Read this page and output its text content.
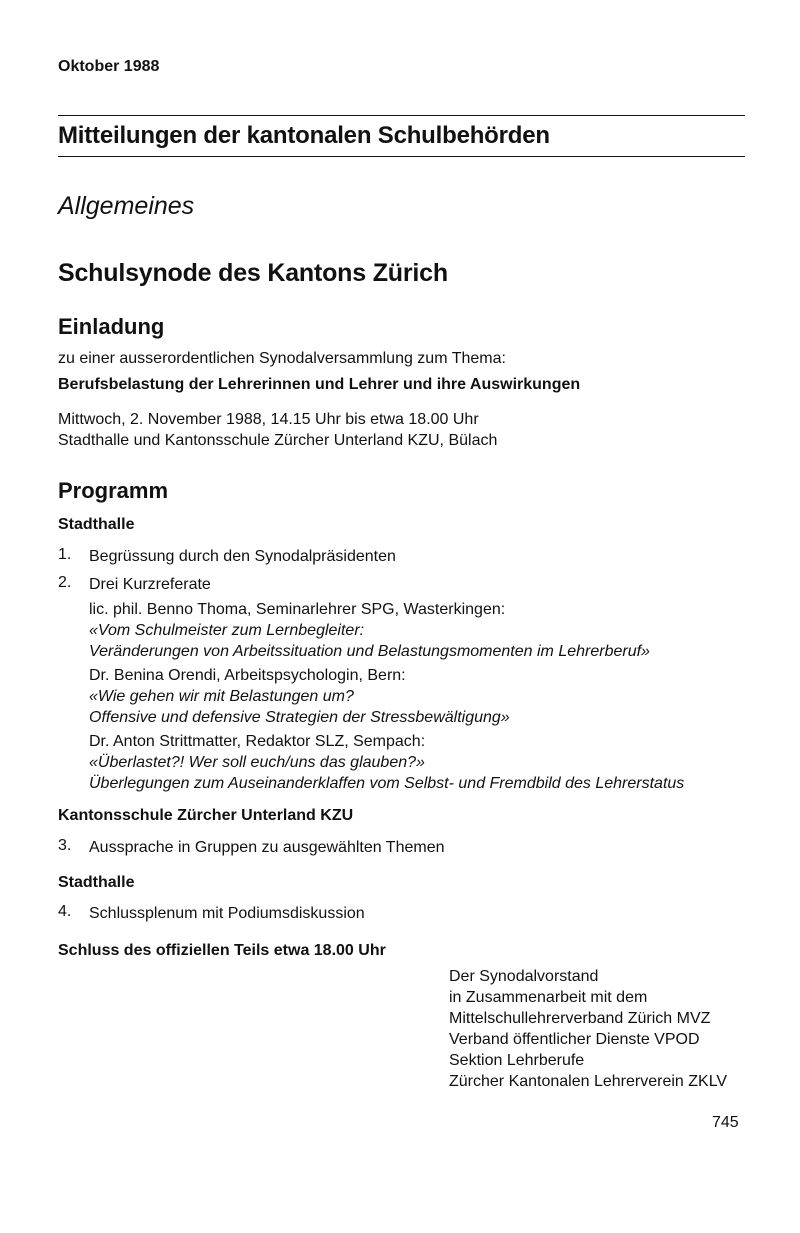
Oktober 1988
Mitteilungen der kantonalen Schulbehörden
Allgemeines
Schulsynode des Kantons Zürich
Einladung
zu einer ausserordentlichen Synodalversammlung zum Thema:
Berufsbelastung der Lehrerinnen und Lehrer und ihre Auswirkungen
Mittwoch, 2. November 1988, 14.15 Uhr bis etwa 18.00 Uhr
Stadthalle und Kantonsschule Zürcher Unterland KZU, Bülach
Programm
Stadthalle
1. Begrüssung durch den Synodalpräsidenten
2. Drei Kurzreferate
lic. phil. Benno Thoma, Seminarlehrer SPG, Wasterkingen:
«Vom Schulmeister zum Lernbegleiter:
Veränderungen von Arbeitssituation und Belastungsmomenten im Lehrerberuf»
Dr. Benina Orendi, Arbeitspsychologin, Bern:
«Wie gehen wir mit Belastungen um?
Offensive und defensive Strategien der Stressbewältigung»
Dr. Anton Strittmatter, Redaktor SLZ, Sempach:
«Überlastet?! Wer soll euch/uns das glauben?»
Überlegungen zum Auseinanderklaffen vom Selbst- und Fremdbild des Lehrerstatus
Kantonsschule Zürcher Unterland KZU
3. Aussprache in Gruppen zu ausgewählten Themen
Stadthalle
4. Schlussplenum mit Podiumsdiskussion
Schluss des offiziellen Teils etwa 18.00 Uhr
Der Synodalvorstand
in Zusammenarbeit mit dem
Mittelschullehrerverband Zürich MVZ
Verband öffentlicher Dienste VPOD
Sektion Lehrberufe
Zürcher Kantonalen Lehrerverein ZKLV
745
